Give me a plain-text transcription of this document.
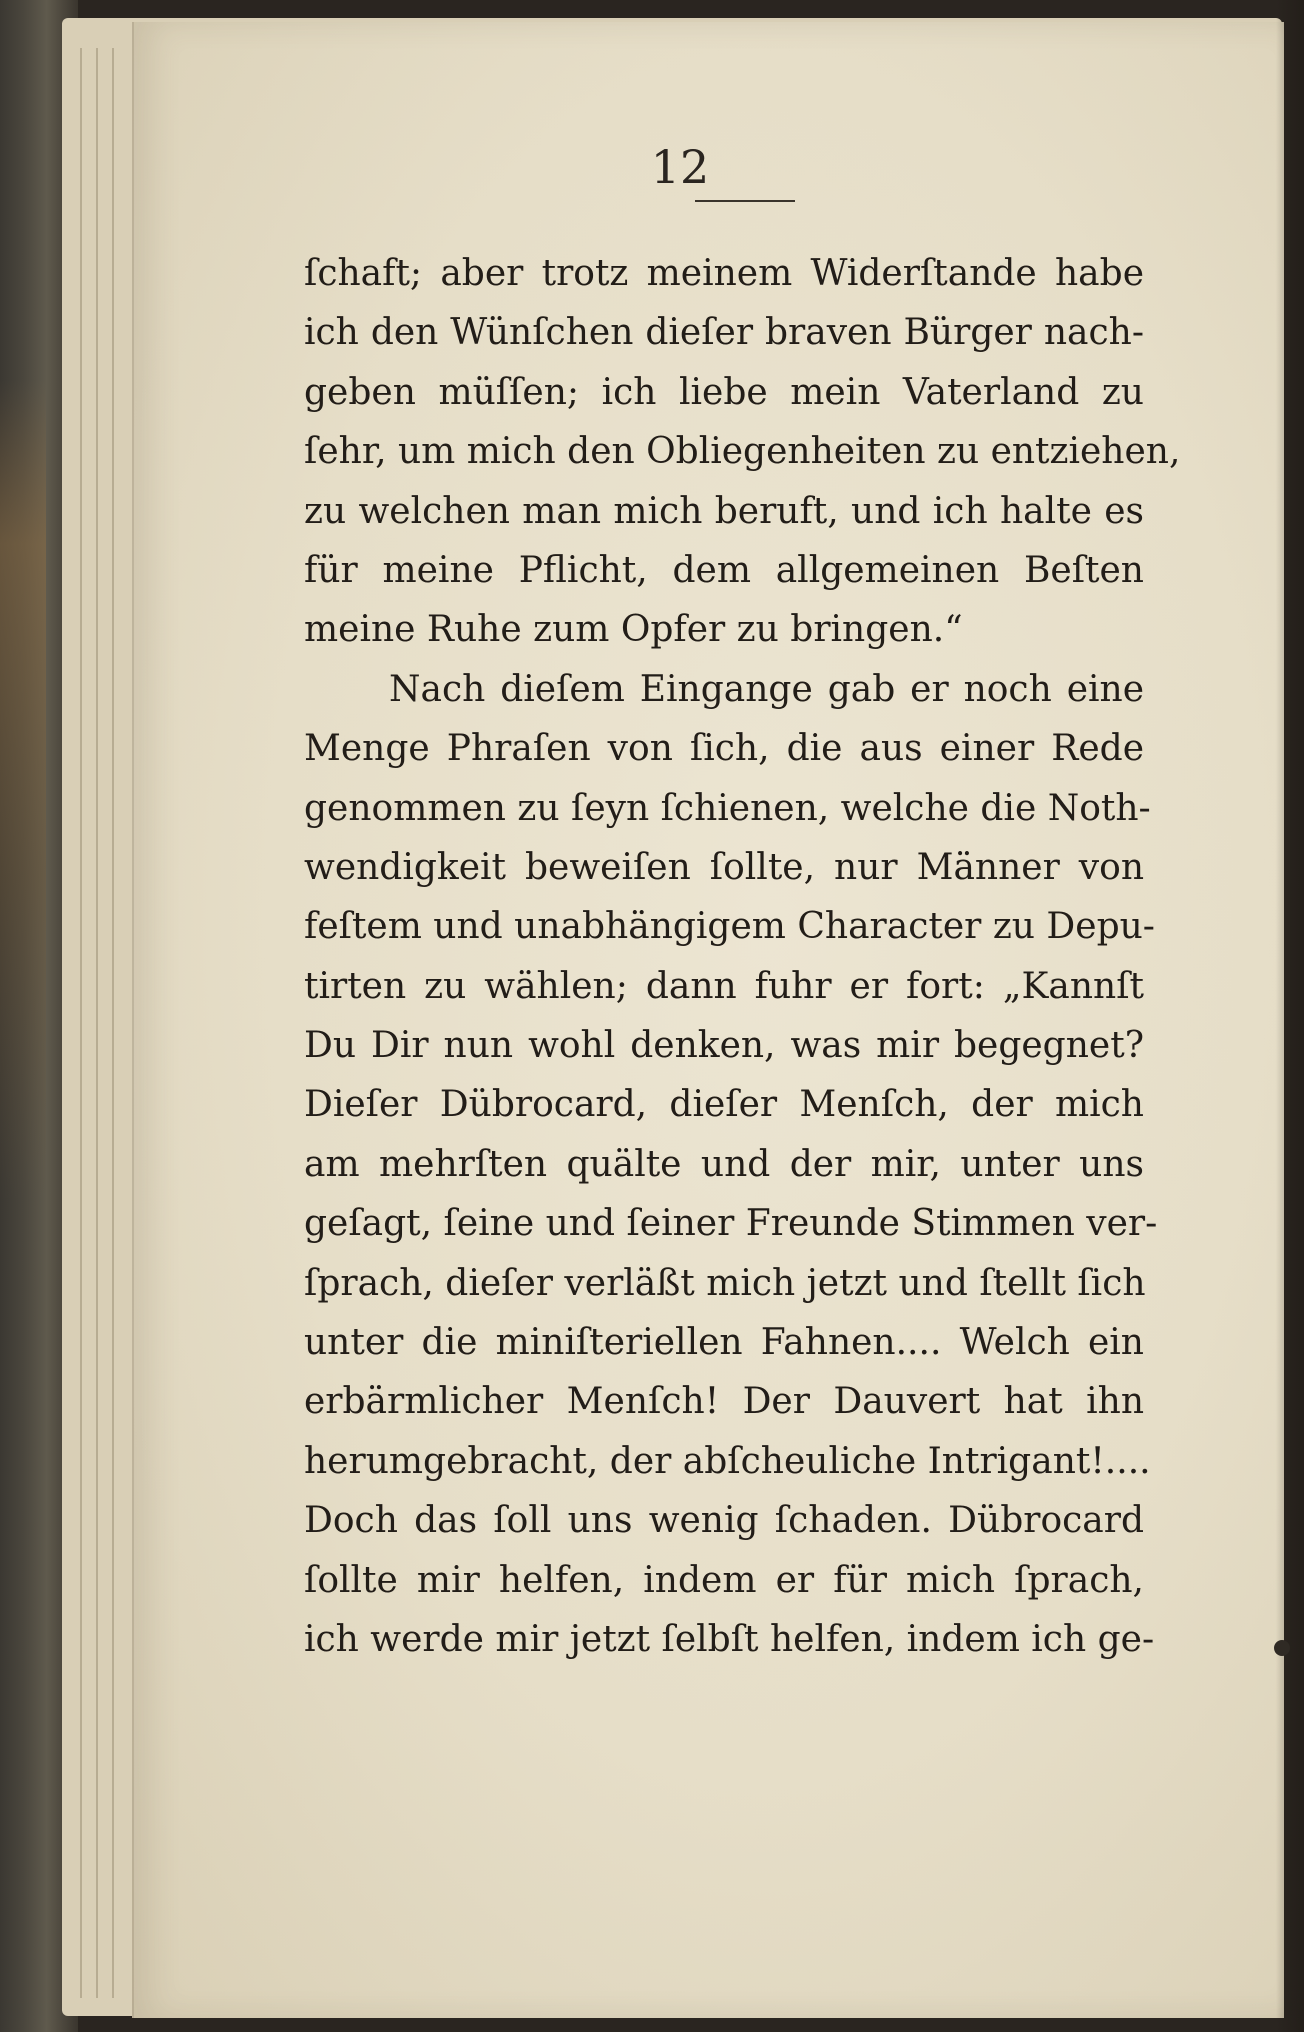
12
ſchaft; aber trotz meinem Widerſtande habe
ich den Wünſchen dieſer braven Bürger nach-
geben müſſen; ich liebe mein Vaterland zu
ſehr, um mich den Obliegenheiten zu entziehen,
zu welchen man mich beruft, und ich halte es
für meine Pflicht, dem allgemeinen Beſten
meine Ruhe zum Opfer zu bringen.“
Nach dieſem Eingange gab er noch eine
Menge Phraſen von ſich, die aus einer Rede
genommen zu ſeyn ſchienen, welche die Noth-
wendigkeit beweiſen ſollte, nur Männer von
feſtem und unabhängigem Character zu Depu-
tirten zu wählen; dann fuhr er fort: „Kannſt
Du Dir nun wohl denken, was mir begegnet?
Dieſer Dübrocard, dieſer Menſch, der mich
am mehrſten quälte und der mir, unter uns
geſagt, ſeine und ſeiner Freunde Stimmen ver-
ſprach, dieſer verläßt mich jetzt und ſtellt ſich
unter die miniſteriellen Fahnen.... Welch ein
erbärmlicher Menſch! Der Dauvert hat ihn
herumgebracht, der abſcheuliche Intrigant!....
Doch das ſoll uns wenig ſchaden. Dübrocard
ſollte mir helfen, indem er für mich ſprach,
ich werde mir jetzt ſelbſt helfen, indem ich ge-
